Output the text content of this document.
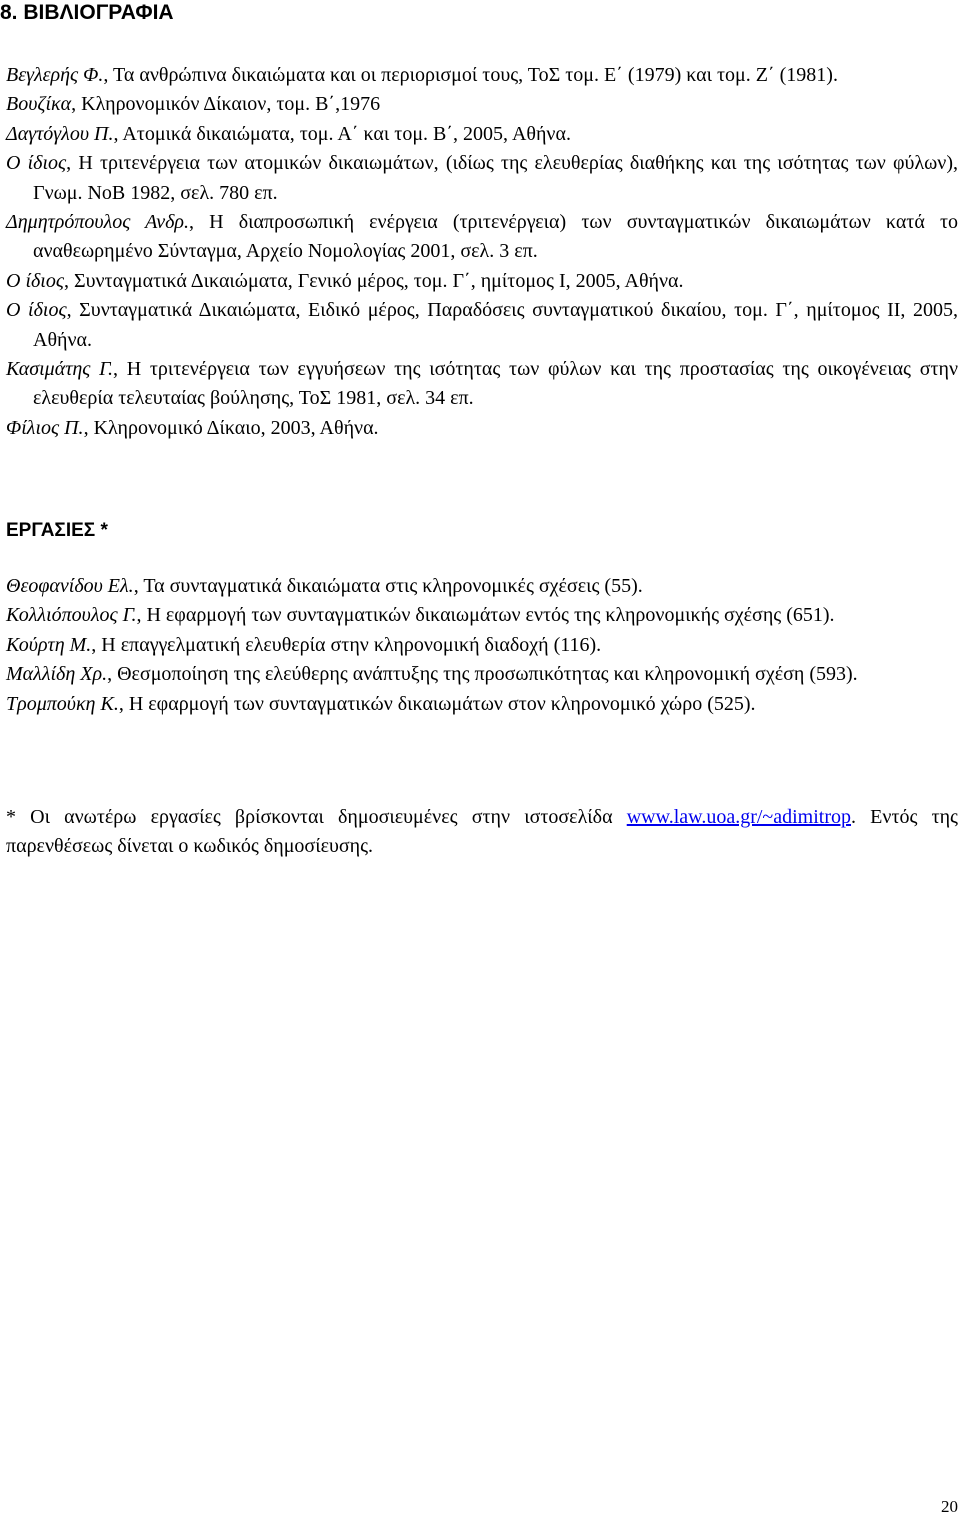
8. ΒΙΒΛΙΟΓΡΑΦΙΑ
Βεγλερής Φ., Τα ανθρώπινα δικαιώματα και οι περιορισμοί τους, ΤοΣ τομ. Ε΄ (1979) και τομ. Ζ΄ (1981).
Βουζίκα, Κληρονομικόν Δίκαιον, τομ. Β΄,1976
Δαγτόγλου Π., Ατομικά δικαιώματα, τομ. Α΄ και τομ. Β΄, 2005, Αθήνα.
Ο ίδιος, Η τριτενέργεια των ατομικών δικαιωμάτων, (ιδίως της ελευθερίας διαθήκης και της ισότητας των φύλων), Γνωμ. ΝοΒ 1982, σελ. 780 επ.
Δημητρόπουλος Ανδρ., Η διαπροσωπική ενέργεια (τριτενέργεια) των συνταγματικών δικαιωμάτων κατά το αναθεωρημένο Σύνταγμα, Αρχείο Νομολογίας 2001, σελ. 3 επ.
Ο ίδιος, Συνταγματικά Δικαιώματα, Γενικό μέρος, τομ. Γ΄, ημίτομος Ι, 2005, Αθήνα.
Ο ίδιος, Συνταγματικά Δικαιώματα, Ειδικό μέρος, Παραδόσεις συνταγματικού δικαίου, τομ. Γ΄, ημίτομος ΙΙ, 2005, Αθήνα.
Κασιμάτης Γ., Η τριτενέργεια των εγγυήσεων της ισότητας των φύλων και της προστασίας της οικογένειας στην ελευθερία τελευταίας βούλησης, ΤοΣ 1981, σελ. 34 επ.
Φίλιος Π., Κληρονομικό Δίκαιο, 2003, Αθήνα.
ΕΡΓΑΣΙΕΣ *
Θεοφανίδου Ελ., Τα συνταγματικά δικαιώματα στις κληρονομικές σχέσεις (55).
Κολλιόπουλος Γ., Η εφαρμογή των συνταγματικών δικαιωμάτων εντός της κληρονομικής σχέσης (651).
Κούρτη Μ., Η επαγγελματική ελευθερία στην κληρονομική διαδοχή (116).
Μαλλίδη Χρ., Θεσμοποίηση της ελεύθερης ανάπτυξης της προσωπικότητας και κληρονομική σχέση (593).
Τρομπούκη Κ., Η εφαρμογή των συνταγματικών δικαιωμάτων στον κληρονομικό χώρο (525).

* Οι ανωτέρω εργασίες βρίσκονται δημοσιευμένες στην ιστοσελίδα www.law.uoa.gr/~adimitrop. Εντός της παρενθέσεως δίνεται ο κωδικός δημοσίευσης.

20
